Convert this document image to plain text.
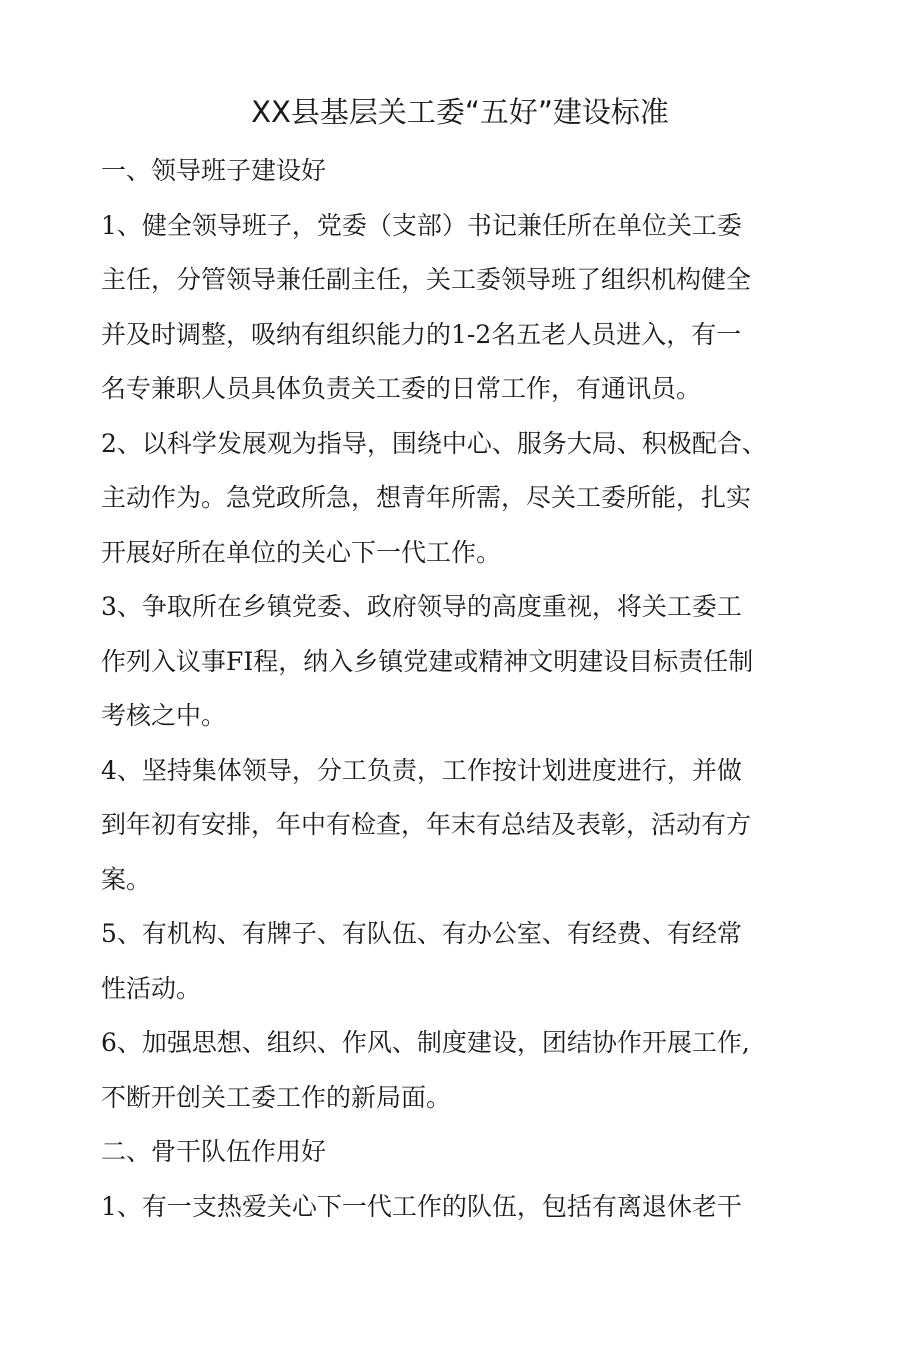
XX县基层关工委“五好”建设标准
一、领导班子建设好
1、健全领导班子，党委（支部）书记兼任所在单位关工委
主任，分管领导兼任副主任，关工委领导班了组织机构健全
并及时调整，吸纳有组织能力的1-2名五老人员进入，有一
名专兼职人员具体负责关工委的日常工作，有通讯员。
2、以科学发展观为指导，围绕中心、服务大局、积极配合、
主动作为。急党政所急，想青年所需，尽关工委所能，扎实
开展好所在单位的关心下一代工作。
3、争取所在乡镇党委、政府领导的高度重视，将关工委工
作列入议事FI程，纳入乡镇党建或精神文明建设目标责任制
考核之中。
4、坚持集体领导，分工负责，工作按计划进度进行，并做
到年初有安排，年中有检查，年末有总结及表彰，活动有方
案。
5、有机构、有牌子、有队伍、有办公室、有经费、有经常
性活动。
6、加强思想、组织、作风、制度建设，团结协作开展工作,
不断开创关工委工作的新局面。
二、骨干队伍作用好
1、有一支热爱关心下一代工作的队伍，包括有离退休老干
